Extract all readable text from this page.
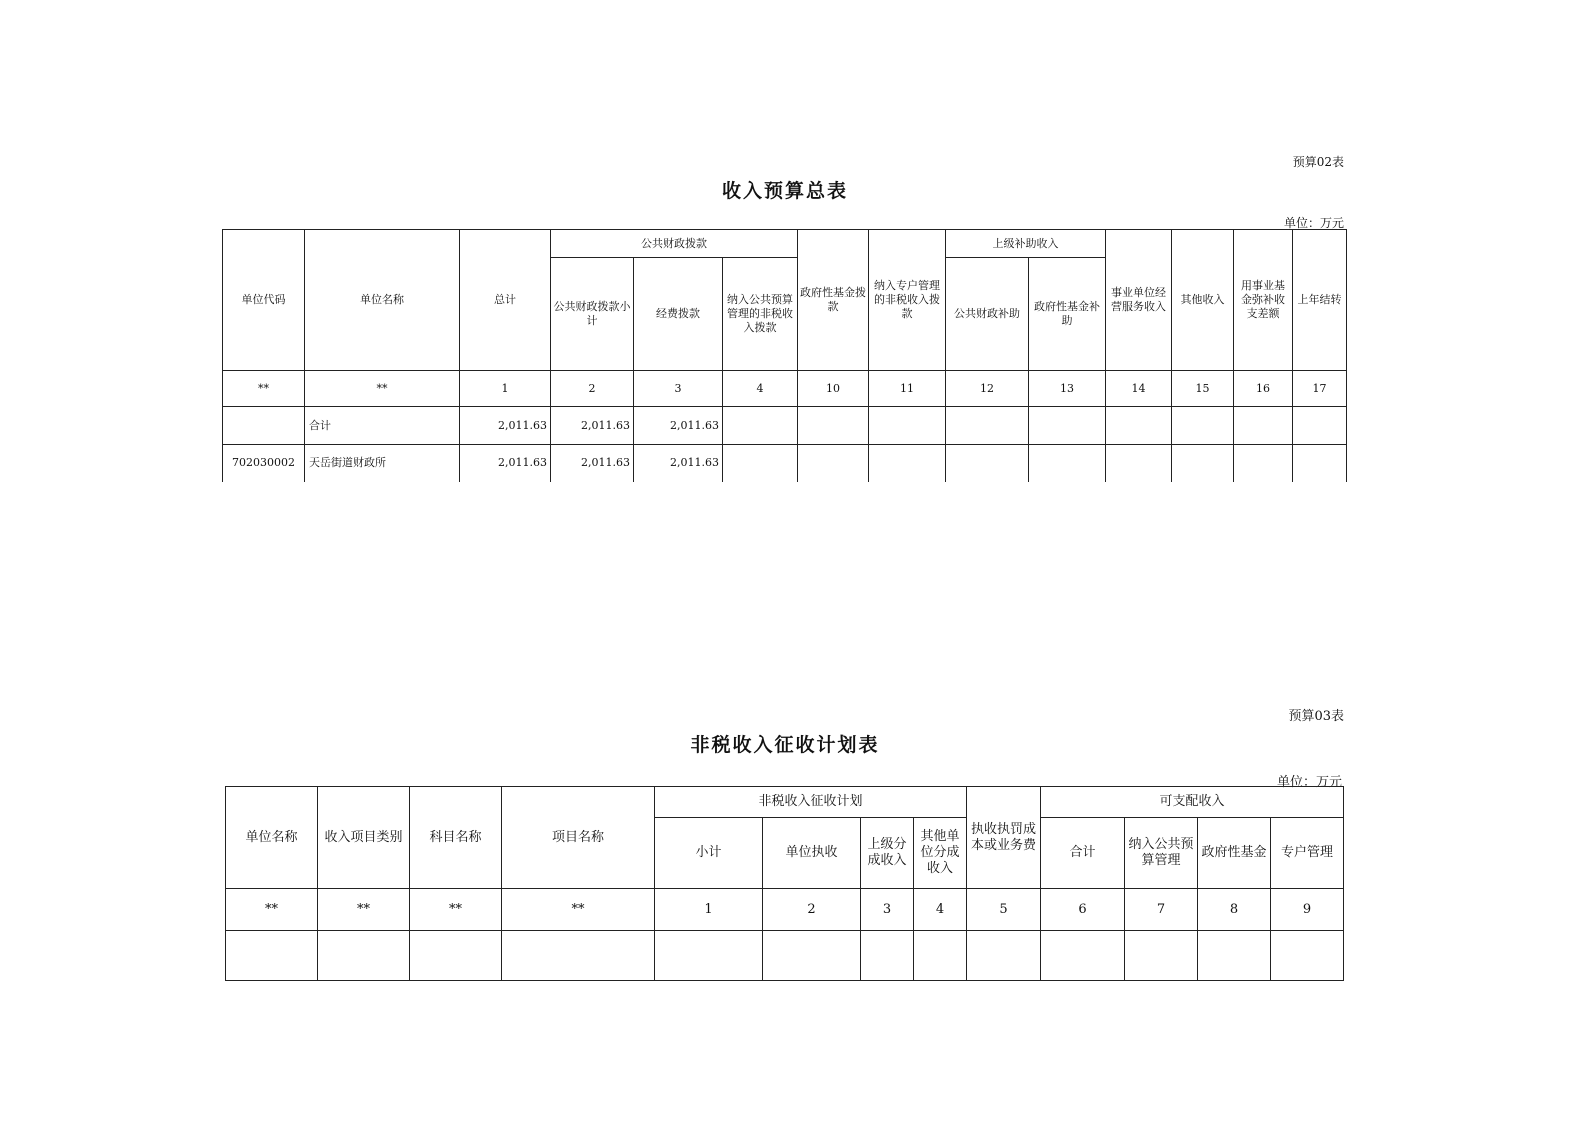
预算02表
收入预算总表
单位：万元
单位代码	单位名称	总计	公共财政拨款			政府性基金拨款	纳入专户管理的非税收入拨款	上级补助收入		事业单位经营服务收入	其他收入	用事业基金弥补收支差额	上年结转
			公共财政拨款小计	经费拨款	纳入公共预算管理的非税收入拨款			公共财政补助	政府性基金补助				
**	**	1	2	3	4	10	11	12	13	14	15	16	17
	合计	2,011.63	2,011.63	2,011.63									
702030002	天岳街道财政所	2,011.63	2,011.63	2,011.63									
预算03表
非税收入征收计划表
单位：万元
单位名称	收入项目类别	科目名称	项目名称	非税收入征收计划				执收执罚成本或业务费	可支配收入			
				小计	单位执收	上级分成收入	其他单位分成收入		合计	纳入公共预算管理	政府性基金	专户管理
**	**	**	**	1	2	3	4	5	6	7	8	9
